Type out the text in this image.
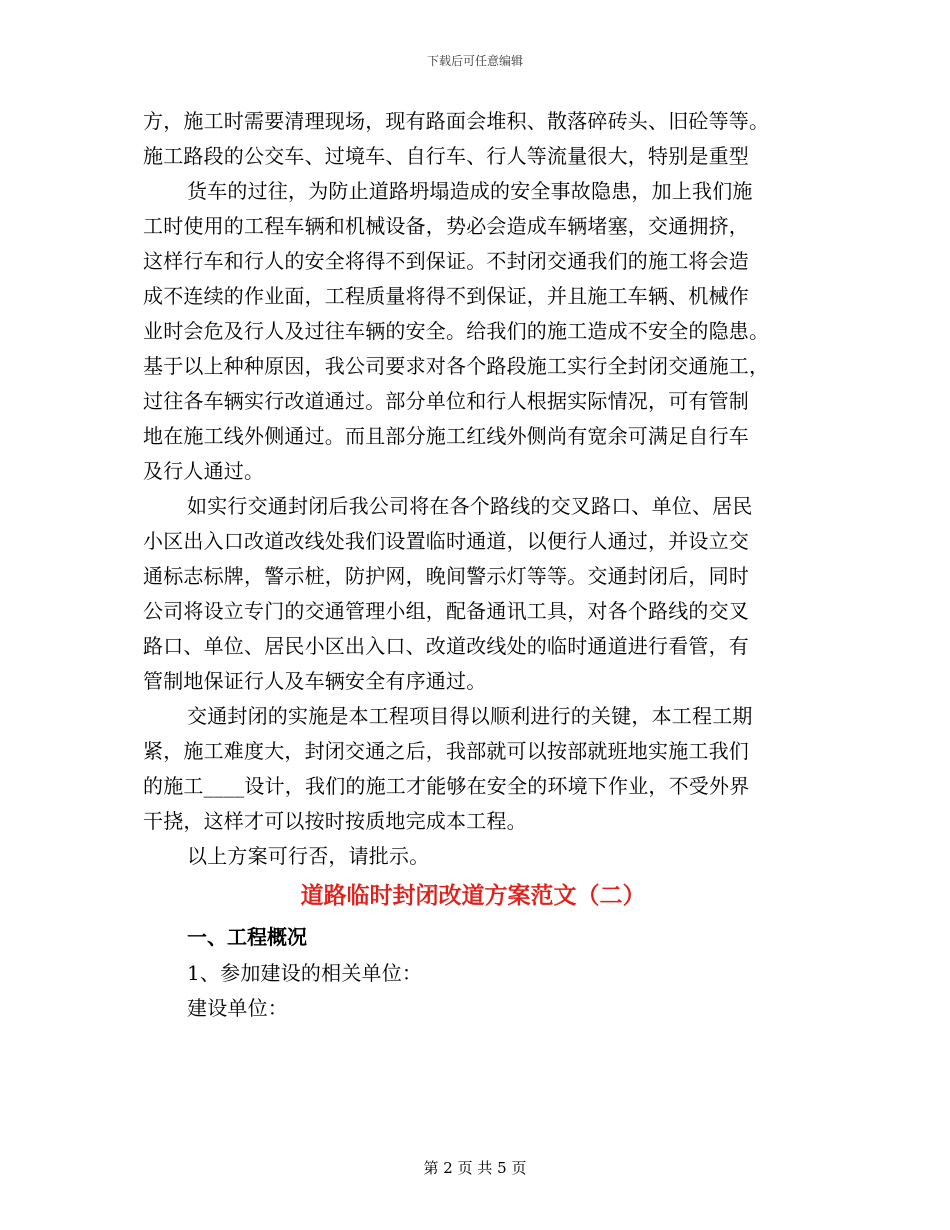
下载后可任意编辑
方，施工时需要清理现场，现有路面会堆积、散落碎砖头、旧砼等等。
施工路段的公交车、过境车、自行车、行人等流量很大，特别是重型
货车的过往，为防止道路坍塌造成的安全事故隐患，加上我们施
工时使用的工程车辆和机械设备，势必会造成车辆堵塞，交通拥挤，
这样行车和行人的安全将得不到保证。不封闭交通我们的施工将会造
成不连续的作业面，工程质量将得不到保证，并且施工车辆、机械作
业时会危及行人及过往车辆的安全。给我们的施工造成不安全的隐患。
基于以上种种原因，我公司要求对各个路段施工实行全封闭交通施工，
过往各车辆实行改道通过。部分单位和行人根据实际情况，可有管制
地在施工线外侧通过。而且部分施工红线外侧尚有宽余可满足自行车
及行人通过。
如实行交通封闭后我公司将在各个路线的交叉路口、单位、居民
小区出入口改道改线处我们设置临时通道，以便行人通过，并设立交
通标志标牌，警示桩，防护网，晚间警示灯等等。交通封闭后，同时
公司将设立专门的交通管理小组，配备通讯工具，对各个路线的交叉
路口、单位、居民小区出入口、改道改线处的临时通道进行看管，有
管制地保证行人及车辆安全有序通过。
交通封闭的实施是本工程项目得以顺利进行的关键，本工程工期
紧，施工难度大，封闭交通之后，我部就可以按部就班地实施工我们
的施工____设计，我们的施工才能够在安全的环境下作业，不受外界
干挠，这样才可以按时按质地完成本工程。
以上方案可行否，请批示。
道路临时封闭改道方案范文（二）
一、工程概况
1、参加建设的相关单位：
建设单位：
第 2 页 共 5 页
